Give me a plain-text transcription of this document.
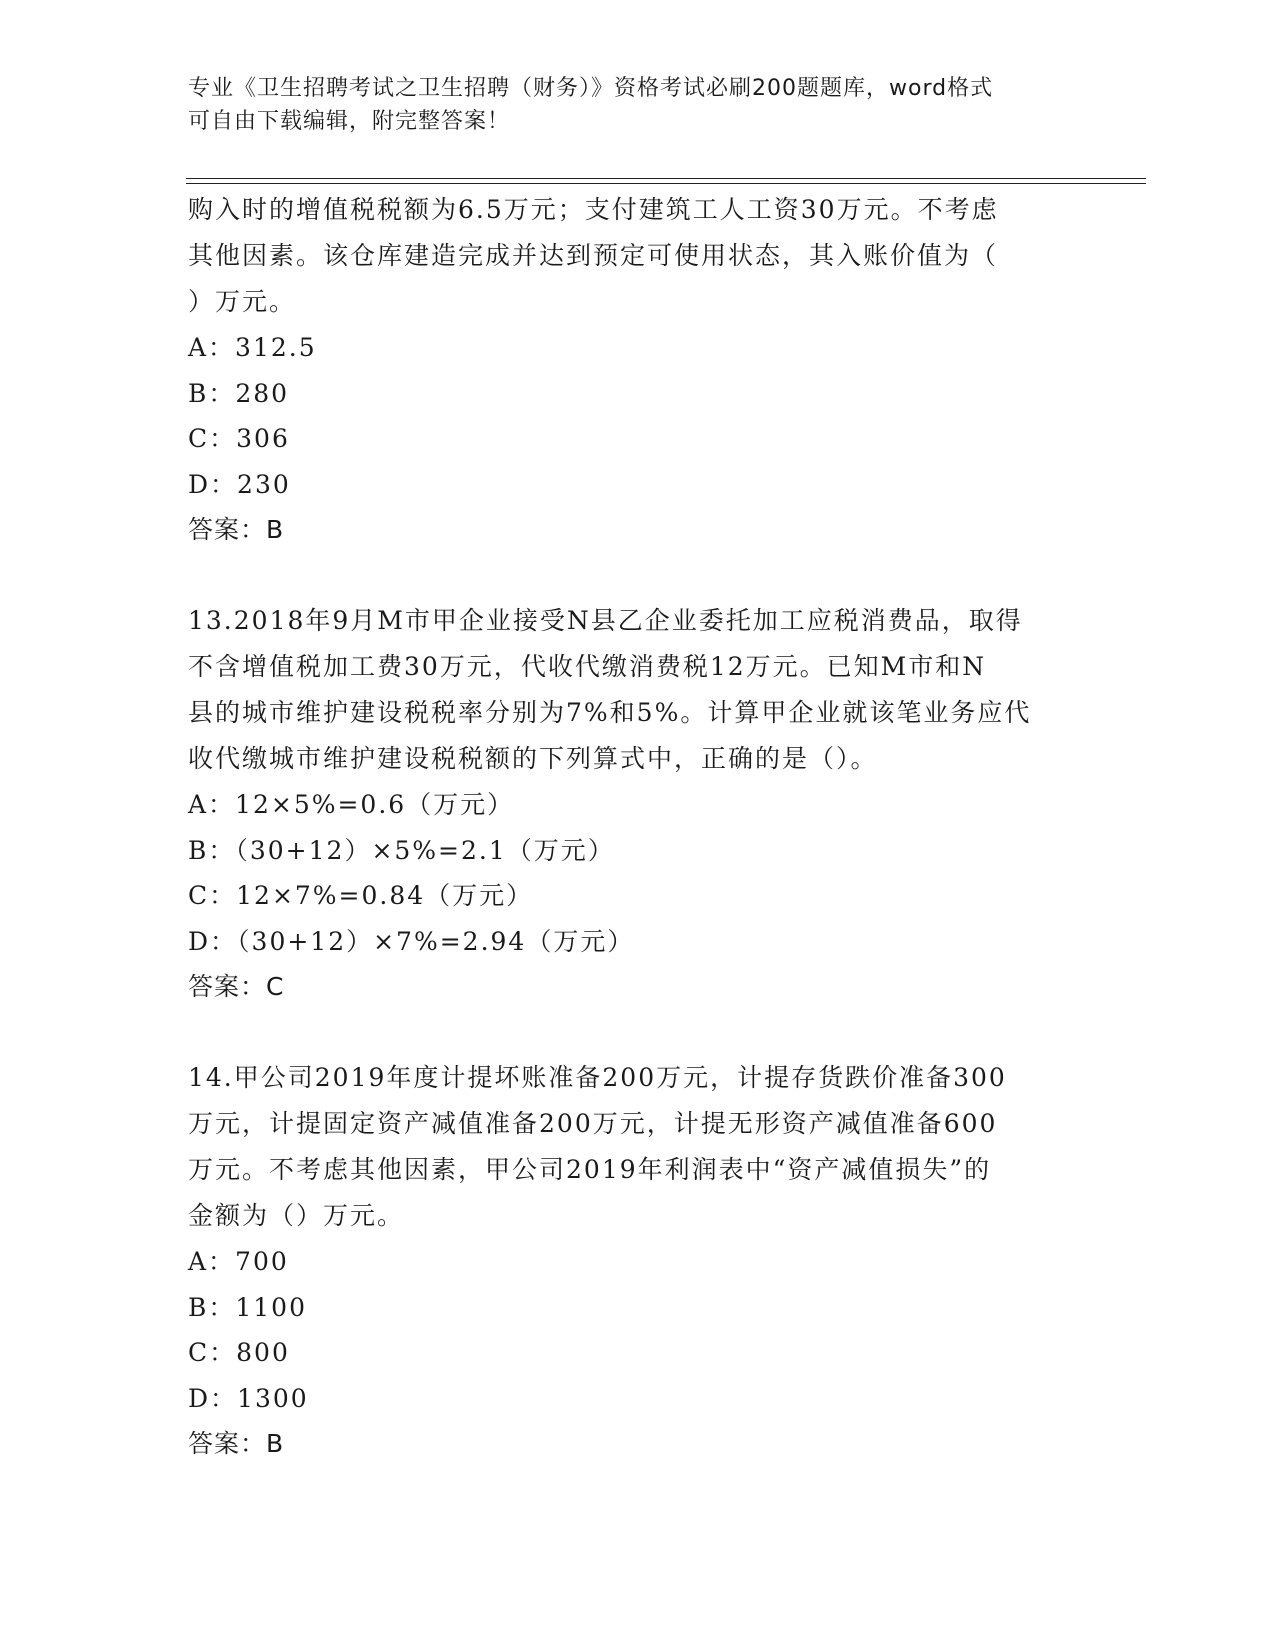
专业《卫生招聘考试之卫生招聘（财务）》资格考试必刷200题题库，word格式
可自由下载编辑，附完整答案！
购入时的增值税税额为6.5万元；支付建筑工人工资30万元。不考虑
其他因素。该仓库建造完成并达到预定可使用状态，其入账价值为（
）万元。
A：312.5
B：280
C：306
D：230
答案：B
13.2018年9月M市甲企业接受N县乙企业委托加工应税消费品，取得
不含增值税加工费30万元，代收代缴消费税12万元。已知M市和N
县的城市维护建设税税率分别为7%和5%。计算甲企业就该笔业务应代
收代缴城市维护建设税税额的下列算式中，正确的是（）。
A：12×5%=0.6（万元）
B：（30+12）×5%=2.1（万元）
C：12×7%=0.84（万元）
D：（30+12）×7%=2.94（万元）
答案：C
14.甲公司2019年度计提坏账准备200万元，计提存货跌价准备300
万元，计提固定资产减值准备200万元，计提无形资产减值准备600
万元。不考虑其他因素，甲公司2019年利润表中“资产减值损失”的
金额为（）万元。
A：700
B：1100
C：800
D：1300
答案：B
